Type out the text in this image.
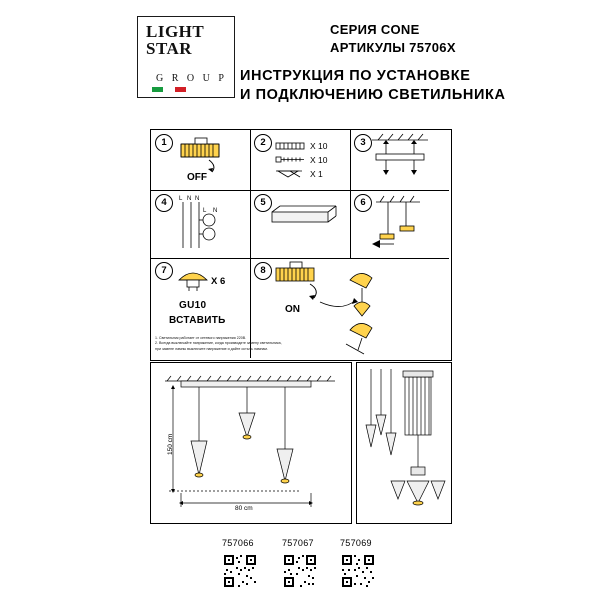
LIGHT
STAR
G R O U P
СЕРИЯ CONE
АРТИКУЛЫ 75706X
ИНСТРУКЦИЯ ПО УСТАНОВКЕ
И ПОДКЛЮЧЕНИЮ СВЕТИЛЬНИКА
1
OFF
2	X 10
X 10
X 1
3
4	L N N
L N
5	6
7
X 6
GU10
ВСТАВИТЬ
8
ON
1. Светильник работает от сетевого напряжения 220В.
2. Всегда выключайте напряжение, когда производите замену светильника,
при замене лампы выключите напряжение и дайте остыть лампам.
150 cm
80 cm
757066	757067	757069
